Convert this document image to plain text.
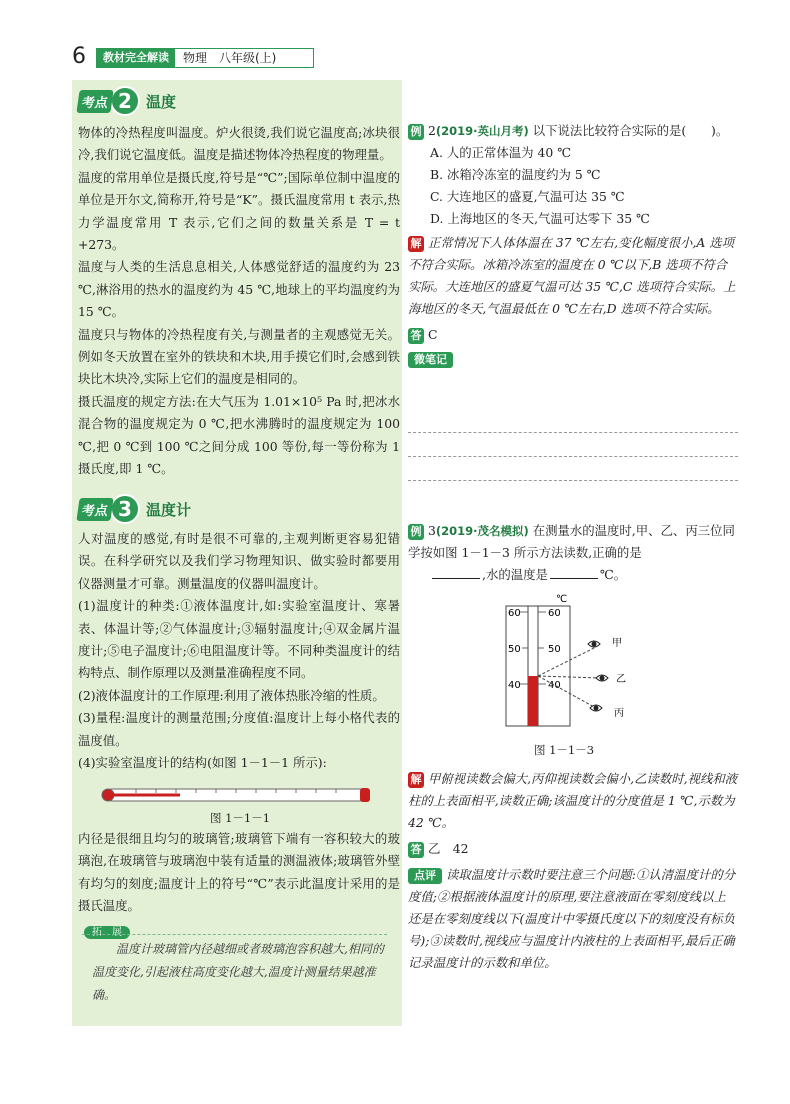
6	教材完全解读	物理　八年级(上)
考点 2 温度

物体的冷热程度叫温度。炉火很烫,我们说它温度高;冰块很冷,我们说它温度低。温度是描述物体冷热程度的物理量。

温度的常用单位是摄氏度,符号是“℃”;国际单位制中温度的单位是开尔文,简称开,符号是“K”。摄氏温度常用 t 表示,热力学温度常用 T 表示,它们之间的数量关系是 T = t +273。

温度与人类的生活息息相关,人体感觉舒适的温度约为 23 ℃,淋浴用的热水的温度约为 45 ℃,地球上的平均温度约为 15 ℃。

温度只与物体的冷热程度有关,与测量者的主观感觉无关。例如冬天放置在室外的铁块和木块,用手摸它们时,会感到铁块比木块冷,实际上它们的温度是相同的。

摄氏温度的规定方法:在大气压为 1.01×10⁵ Pa 时,把冰水混合物的温度规定为 0 ℃,把水沸腾时的温度规定为 100 ℃,把 0 ℃到 100 ℃之间分成 100 等份,每一等份称为 1 摄氏度,即 1 ℃。

考点 3 温度计

人对温度的感觉,有时是很不可靠的,主观判断更容易犯错误。在科学研究以及我们学习物理知识、做实验时都要用仪器测量才可靠。测量温度的仪器叫温度计。

(1)温度计的种类:①液体温度计,如:实验室温度计、寒暑表、体温计等;②气体温度计;③辐射温度计;④双金属片温度计;⑤电子温度计;⑥电阻温度计等。不同种类温度计的结构特点、制作原理以及测量准确程度不同。

(2)液体温度计的工作原理:利用了液体热胀冷缩的性质。

(3)量程:温度计的测量范围;分度值:温度计上每小格代表的温度值。

(4)实验室温度计的结构(如图 1－1－1 所示):

图 1－1－1

内径是很细且均匀的玻璃管;玻璃管下端有一容积较大的玻璃泡,在玻璃管与玻璃泡中装有适量的测温液体;玻璃管外壁有均匀的刻度;温度计上的符号“℃”表示此温度计采用的是摄氏温度。

拓　展

温度计玻璃管内径越细或者玻璃泡容积越大,相同的温度变化,引起液柱高度变化越大,温度计测量结果越准确。

例 2(2019·英山月考) 以下说法比较符合实际的是(　　)。

A. 人的正常体温为 40 ℃

B. 冰箱冷冻室的温度约为 5 ℃

C. 大连地区的盛夏,气温可达 35 ℃

D. 上海地区的冬天,气温可达零下 35 ℃

解 正常情况下人体体温在 37 ℃左右,变化幅度很小,A 选项不符合实际。冰箱冷冻室的温度在 0 ℃以下,B 选项不符合实际。大连地区的盛夏气温可达 35 ℃,C 选项符合实际。上海地区的冬天,气温最低在 0 ℃左右,D 选项不符合实际。

答 C

微笔记

例 3(2019·茂名模拟) 在测量水的温度时,甲、乙、丙三位同学按如图 1－1－3 所示方法读数,正确的是

,水的温度是	℃。

℃
60	60
50	50
40	40
甲
乙
丙
图 1－1－3

解 甲俯视读数会偏大,丙仰视读数会偏小,乙读数时,视线和液柱的上表面相平,读数正确;该温度计的分度值是 1 ℃,示数为 42 ℃。

答 乙　42

点评 读取温度计示数时要注意三个问题:①认清温度计的分度值;②根据液体温度计的原理,要注意液面在零刻度线以上还是在零刻度线以下(温度计中零摄氏度以下的刻度没有标负号);③读数时,视线应与温度计内液柱的上表面相平,最后正确记录温度计的示数和单位。
